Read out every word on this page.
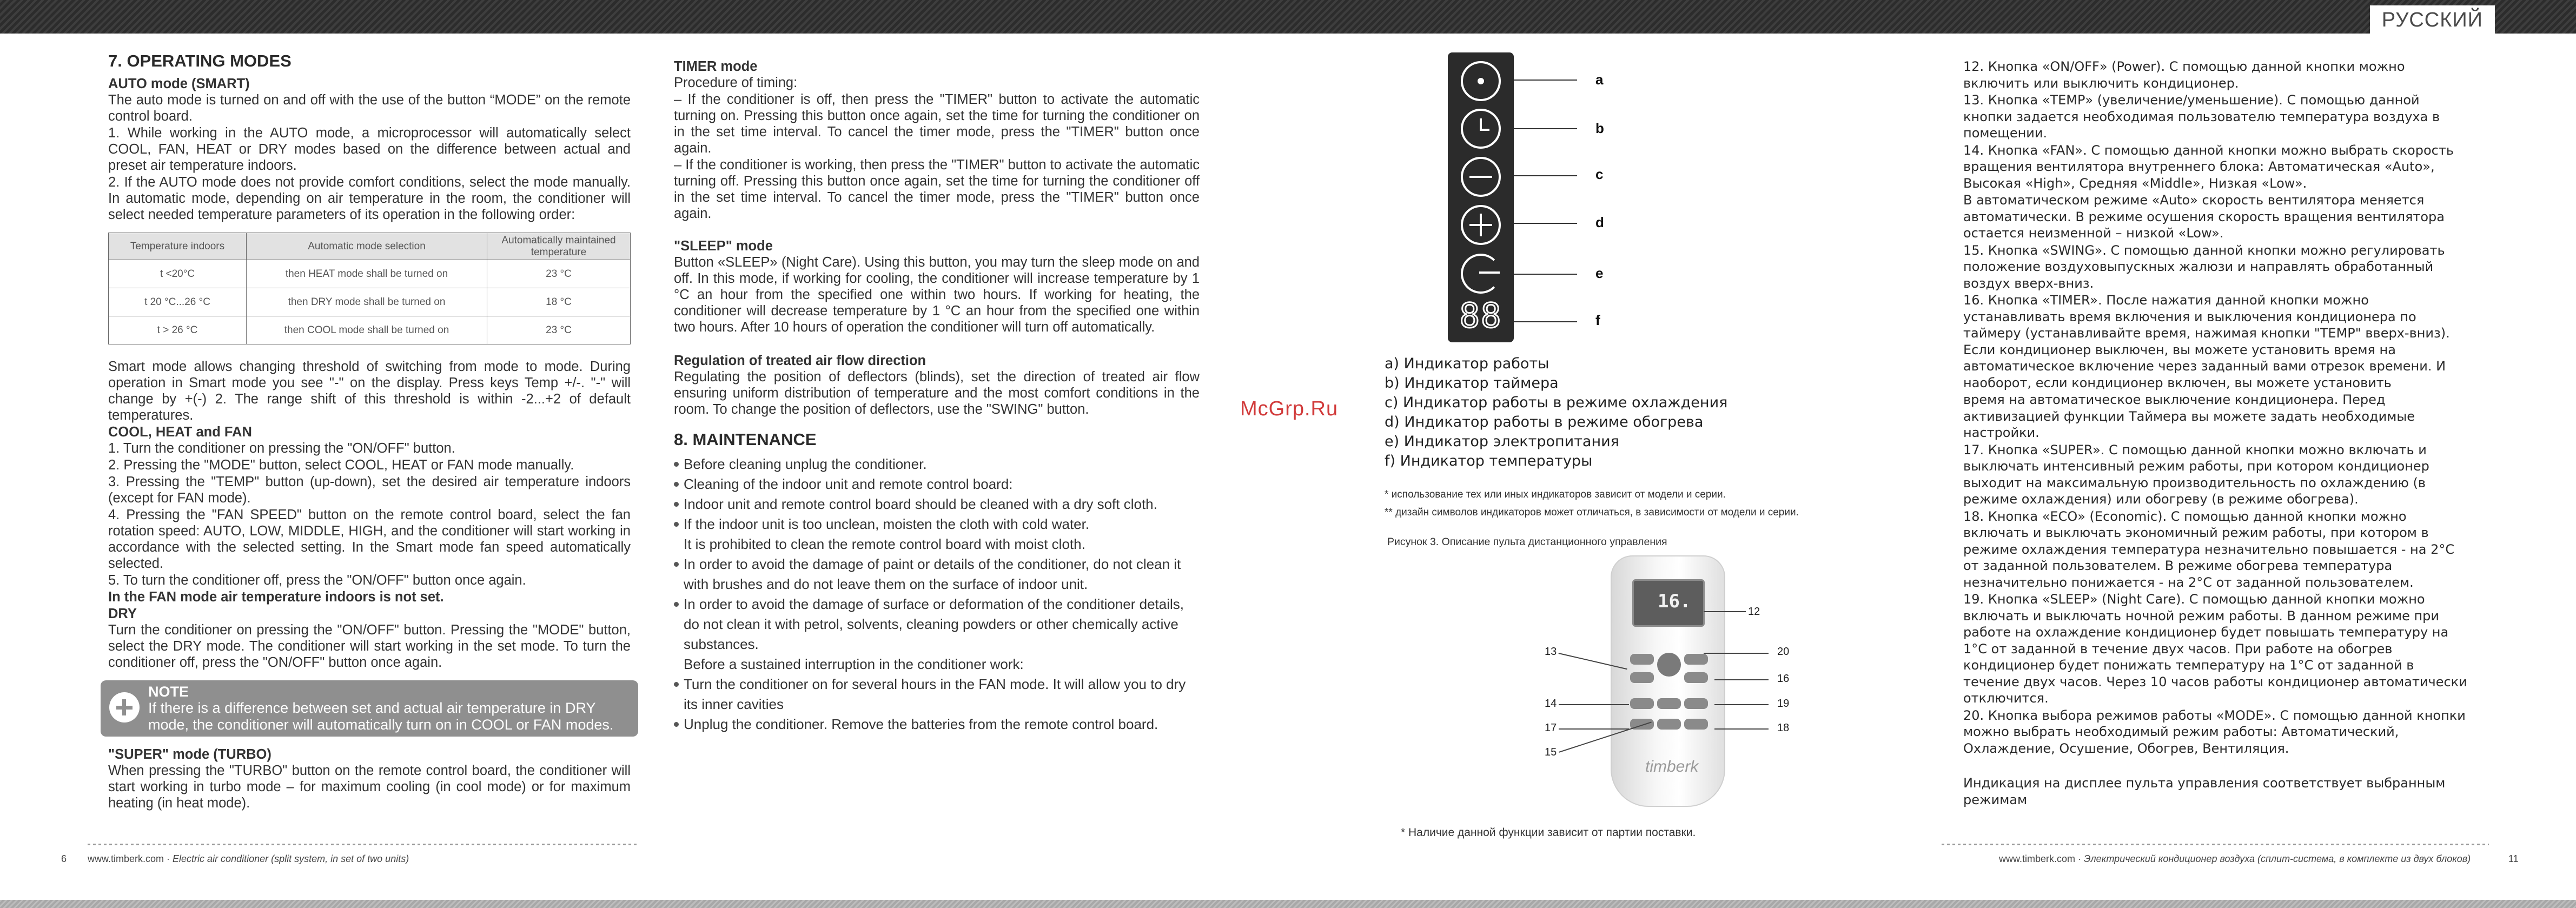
РУССКИЙ
7. OPERATING MODES
AUTO mode (SMART)

The auto mode is turned on and off with the use of the button “MODE” on the remote control board.

1. While working in the AUTO mode, a microprocessor will automatically select COOL, FAN, HEAT or DRY modes based on the difference between actual and preset air temperature indoors.

2. If the AUTO mode does not provide comfort conditions, select the mode manually. In automatic mode, depending on air temperature in the room, the conditioner will select needed temperature parameters of its operation in the following order:

Temperature indoors	Automatic mode selection	Automatically maintained temperature
t <20°C	then HEAT mode shall be turned on	23 °C
t 20 °C...26 °C	then DRY mode shall be turned on	18 °C
t > 26 °C	then COOL mode shall be turned on	23 °C

Smart mode allows changing threshold of switching from mode to mode. During operation in Smart mode you see "-" on the display. Press keys Temp +/-. "-" will change by +(-) 2. The range shift of this threshold is within -2...+2 of default temperatures.

COOL, HEAT and FAN

1. Turn the conditioner on pressing the "ON/OFF" button.

2. Pressing the "MODE" button, select COOL, HEAT or FAN mode manually.

3. Pressing the "TEMP" button (up-down), set the desired air temperature indoors (except for FAN mode).

4. Pressing the "FAN SPEED" button on the remote control board, select the fan rotation speed: AUTO, LOW, MIDDLE, HIGH, and the conditioner will start working in accordance with the selected setting. In the Smart mode fan speed automatically selected.

5. To turn the conditioner off, press the "ON/OFF" button once again.

In the FAN mode air temperature indoors is not set.

DRY

Turn the conditioner on pressing the "ON/OFF" button. Pressing the "MODE" button, select the DRY mode. The conditioner will start working in the set mode. To turn the conditioner off, press the "ON/OFF" button once again.

NOTE
If there is a difference between set and actual air temperature in DRY mode, the conditioner will automatically turn on in COOL or FAN modes.
"SUPER" mode (TURBO)

When pressing the "TURBO" button on the remote control board, the conditioner will start working in turbo mode – for maximum cooling (in cool mode) or for maximum heating (in heat mode).

TIMER mode

Procedure of timing:

– If the conditioner is off, then press the "TIMER" button to activate the automatic turning on. Pressing this button once again, set the time for turning the conditioner on in the set time interval. To cancel the timer mode, press the "TIMER" button once again.

– If the conditioner is working, then press the "TIMER" button to activate the automatic turning off. Pressing this button once again, set the time for turning the conditioner off in the set time interval. To cancel the timer mode, press the "TIMER" button once again.

"SLEEP" mode

Button «SLEEP» (Night Care). Using this button, you may turn the sleep mode on and off. In this mode, if working for cooling, the conditioner will increase temperature by 1 °C an hour from the specified one within two hours. If working for heating, the conditioner will decrease temperature by 1 °C an hour from the specified one within two hours. After 10 hours of operation the conditioner will turn off automatically.

Regulation of treated air flow direction

Regulating the position of deflectors (blinds), set the direction of treated air flow ensuring uniform distribution of temperature and the most comfort conditions in the room. To change the position of deflectors, use the "SWING" button.

8. MAINTENANCE
Before cleaning unplug the conditioner.
Cleaning of the indoor unit and remote control board:
Indoor unit and remote control board should be cleaned with a dry soft cloth.
If the indoor unit is too unclean, moisten the cloth with cold water.
It is prohibited to clean the remote control board with moist cloth.
In order to avoid the damage of paint or details of the conditioner, do not clean it with brushes and do not leave them on the surface of indoor unit.
In order to avoid the damage of surface or deformation of the conditioner details, do not clean it with petrol, solvents, cleaning powders or other chemically active substances.
Before a sustained interruption in the conditioner work:
Turn the conditioner on for several hours in the FAN mode. It will allow you to dry its inner cavities
Unplug the conditioner. Remove the batteries from the remote control board.
88
a
b
c
d
e
f
a) Индикатор работы
b) Индикатор таймера
c) Индикатор работы в режиме охлаждения
d) Индикатор работы в режиме обогрева
e) Индикатор электропитания
f) Индикатор температуры
* использование тех или иных индикаторов зависит от модели и серии.
** дизайн символов индикаторов может отличаться, в зависимости от модели и серии.
Рисунок 3. Описание пульта дистанционного управления
McGrp.Ru
16.
timberk
12
13	20
16
14	19
17	18
15
* Наличие данной функции зависит от партии поставки.

12. Кнопка «ON/OFF» (Power). С помощью данной кнопки можно включить или выключить кондиционер.

13. Кнопка «TEMP» (увеличение/уменьшение). С помощью данной кнопки задается необходимая пользователю температура воздуха в помещении.

14. Кнопка «FAN». С помощью данной кнопки можно выбрать скорость вращения вентилятора внутреннего блока: Автоматическая «Auto», Высокая «High», Средняя «Middle», Низкая «Low».

В автоматическом режиме «Auto» скорость вентилятора меняется автоматически. В режиме осушения скорость вращения вентилятора остается неизменной – низкой «Low».

15. Кнопка «SWING». С помощью данной кнопки можно регулировать положение воздуховыпускных жалюзи и направлять обработанный воздух вверх-вниз.

16. Кнопка «TIMER». После нажатия данной кнопки можно устанавливать время включения и выключения кондиционера по таймеру (устанавливайте время, нажимая кнопки "TEMP" вверх-вниз). Если кондиционер выключен, вы можете установить время на автоматическое включение через заданный вами отрезок времени. И наоборот, если кондиционер включен, вы можете установить

время на автоматическое выключение кондиционера. Перед активизацией функции Таймера вы можете задать необходимые настройки.

17. Кнопка «SUPER». С помощью данной кнопки можно включать и выключать интенсивный режим работы, при котором кондиционер выходит на максимальную производительность по охлаждению (в режиме охлаждения) или обогреву (в режиме обогрева).

18. Кнопка «ECO» (Economic). С помощью данной кнопки можно включать и выключать экономичный режим работы, при котором в режиме охлаждения температура незначительно повышается - на 2°C от заданной пользователем. В режиме обогрева температура незначительно понижается - на 2°C от заданной пользователем.

19. Кнопка «SLEEP» (Night Care). С помощью данной кнопки можно включать и выключать ночной режим работы. В данном режиме при работе на охлаждение кондиционер будет повышать температуру на 1°C от заданной в течение двух часов. При работе на обогрев кондиционер будет понижать температуру на 1°C от заданной в течение двух часов. Через 10 часов работы кондиционер автоматически отключится.

20. Кнопка выбора режимов работы «MODE». С помощью данной кнопки можно выбрать необходимый режим работы: Автоматический, Охлаждение, Осушение, Обогрев, Вентиляция.

Индикация на дисплее пульта управления соответствует выбранным режимам

6 www.timberk.com · Electric air conditioner (split system, in set of two units)	www.timberk.com · Электрический кондиционер воздуха (сплит-система, в комплекте из двух блоков)	11
